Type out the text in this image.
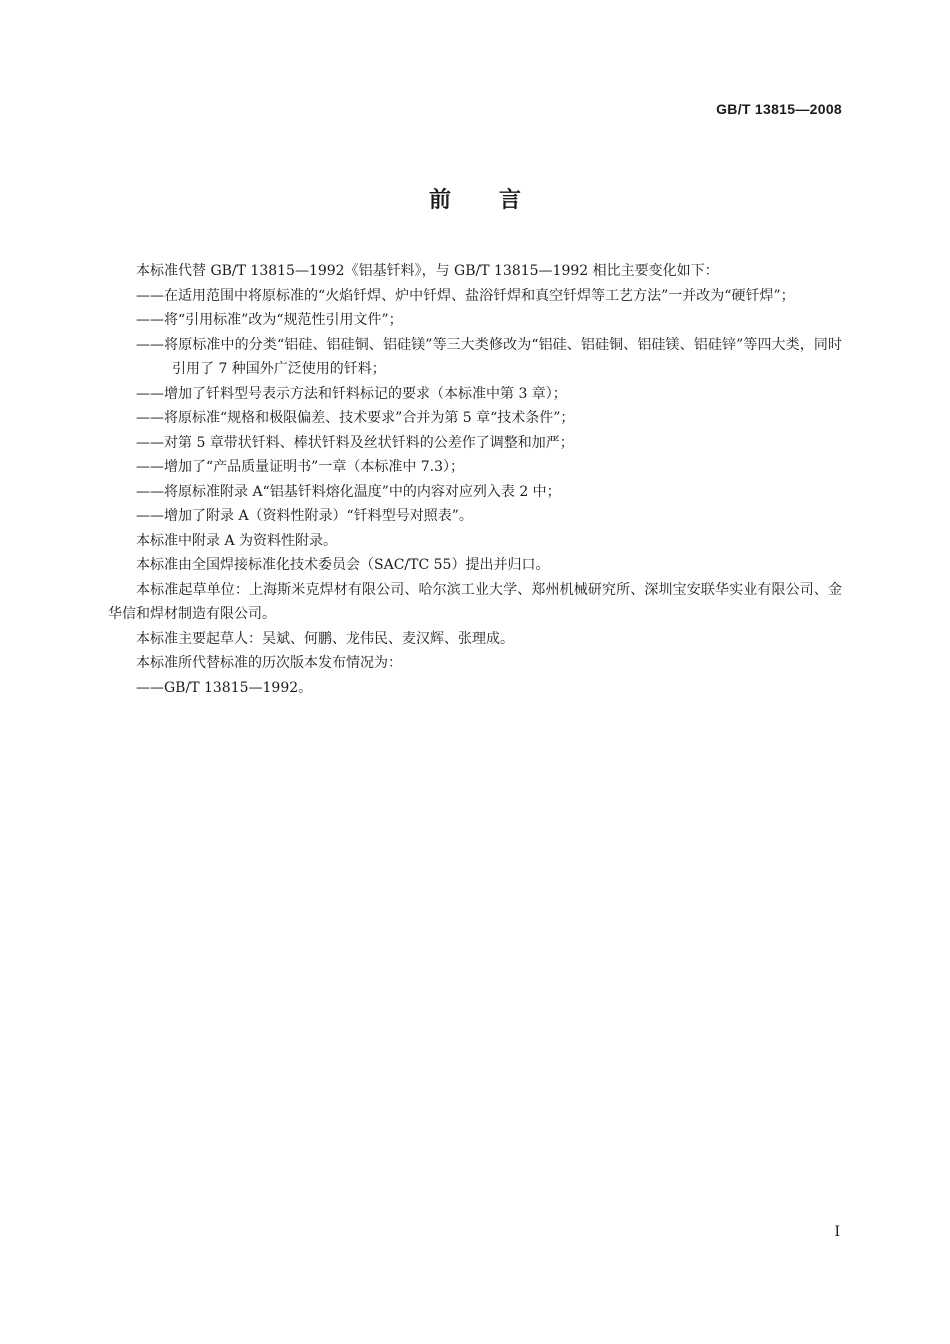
GB/T 13815—2008
前言

本标准代替 GB/T 13815—1992《铝基钎料》，与 GB/T 13815—1992 相比主要变化如下：

——在适用范围中将原标准的“火焰钎焊、炉中钎焊、盐浴钎焊和真空钎焊等工艺方法”一并改为“硬钎焊”；

——将“引用标准”改为“规范性引用文件”；

——将原标准中的分类“铝硅、铝硅铜、铝硅镁”等三大类修改为“铝硅、铝硅铜、铝硅镁、铝硅锌”等四大类，同时引用了 7 种国外广泛使用的钎料；

——增加了钎料型号表示方法和钎料标记的要求（本标准中第 3 章）；

——将原标准“规格和极限偏差、技术要求”合并为第 5 章“技术条件”；

——对第 5 章带状钎料、棒状钎料及丝状钎料的公差作了调整和加严；

——增加了“产品质量证明书”一章（本标准中 7.3）；

——将原标准附录 A“铝基钎料熔化温度”中的内容对应列入表 2 中；

——增加了附录 A（资料性附录）“钎料型号对照表”。

本标准中附录 A 为资料性附录。

本标准由全国焊接标准化技术委员会（SAC/TC 55）提出并归口。

本标准起草单位：上海斯米克焊材有限公司、哈尔滨工业大学、郑州机械研究所、深圳宝安联华实业有限公司、金华信和焊材制造有限公司。

本标准主要起草人：吴斌、何鹏、龙伟民、麦汉辉、张理成。

本标准所代替标准的历次版本发布情况为：

——GB/T 13815—1992。

I
